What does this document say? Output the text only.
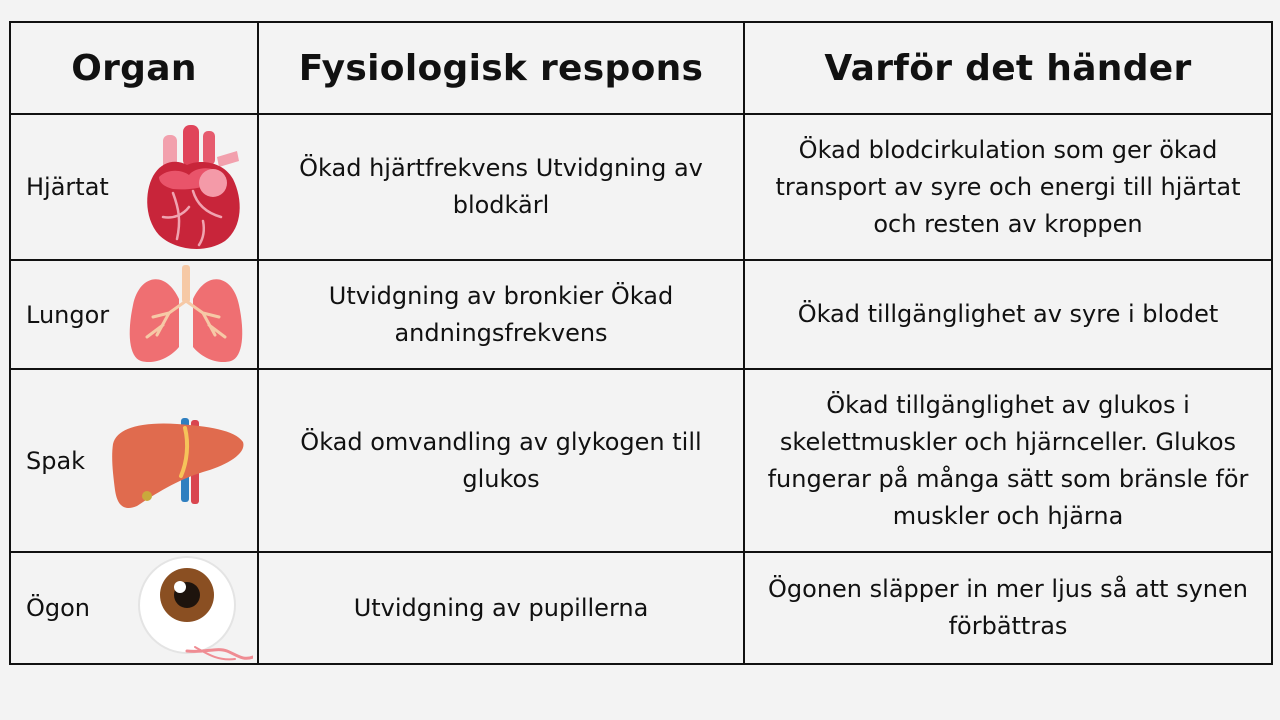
Organ	Fysiologisk respons	Varför det händer

Hjärtat	Ökad hjärtfrekvens Utvidgning av blodkärl	Ökad blodcirkulation som ger ökad transport av syre och energi till hjärtat och resten av kroppen

Lungor	Utvidgning av bronkier Ökad andningsfrekvens	Ökad tillgänglighet av syre i blodet

Spak	Ökad omvandling av glykogen till glukos	Ökad tillgänglighet av glukos i skelettmuskler och hjärnceller. Glukos fungerar på många sätt som bränsle för muskler och hjärna

Ögon	Utvidgning av pupillerna	Ögonen släpper in mer ljus så att synen förbättras
